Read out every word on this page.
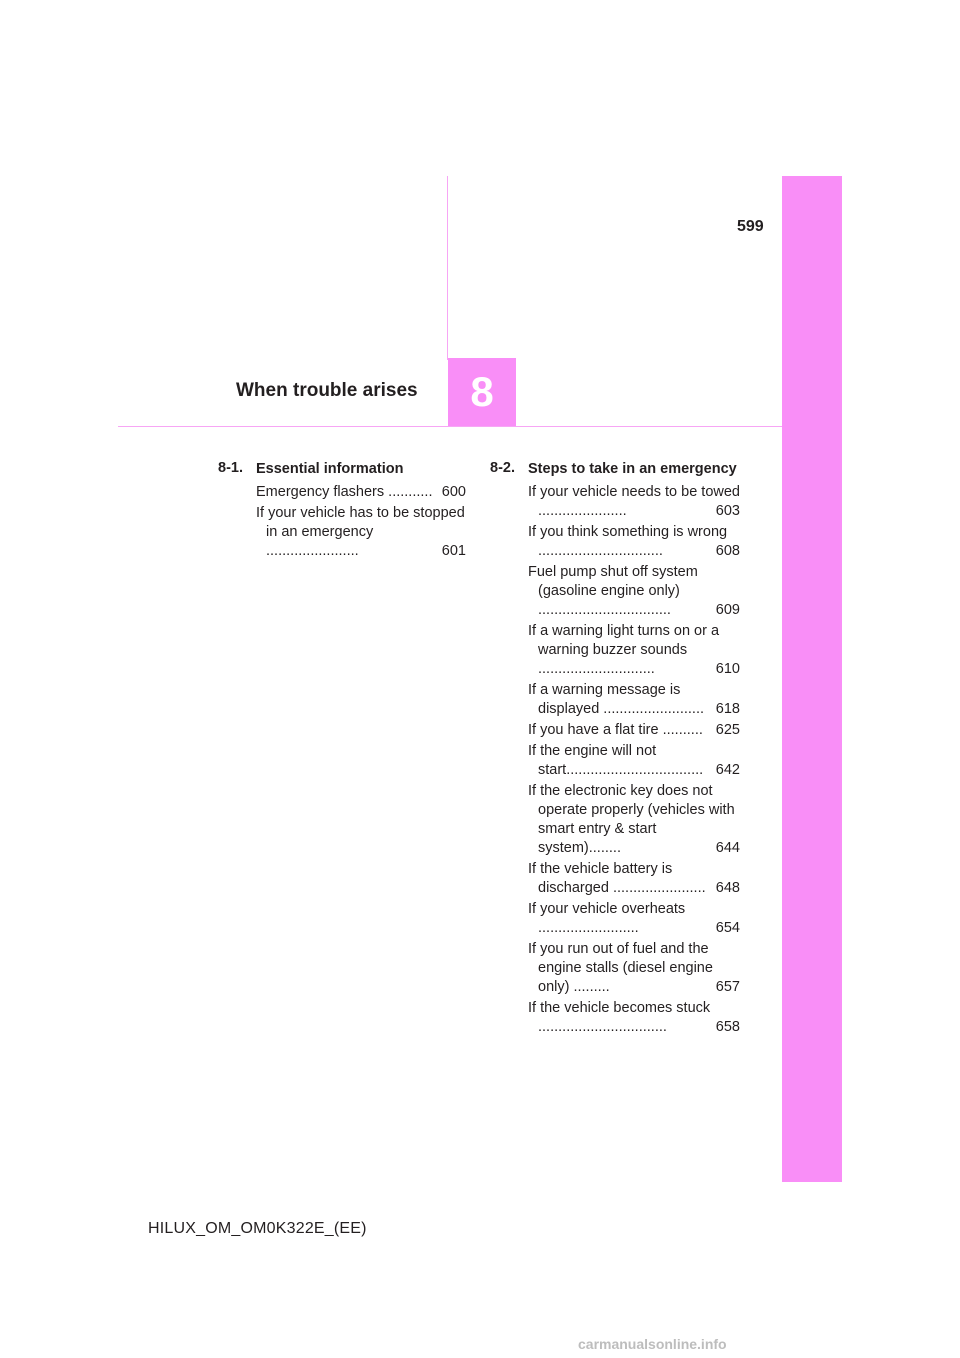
599
When trouble arises	8
8-1. Essential information
Emergency flashers ........... 600
If your vehicle has to be stopped in an emergency .......................	601
8-2. Steps to take in an emergency
If your vehicle needs to be towed ......................	603
If you think something is wrong ...............................	608
Fuel pump shut off system (gasoline engine only) .................................	609
If a warning light turns on or a warning buzzer sounds .............................	610
If a warning message is displayed ......................... 618
If you have a flat tire .......... 625
If the engine will not start.................................. 642
If the electronic key does not operate properly (vehicles with smart entry & start system)........	644
If the vehicle battery is discharged ....................... 648
If your vehicle overheats .........................	654
If you run out of fuel and the engine stalls (diesel engine only) .........	657
If the vehicle becomes stuck ................................	658
HILUX_OM_OM0K322E_(EE)
carmanualsonline.info
